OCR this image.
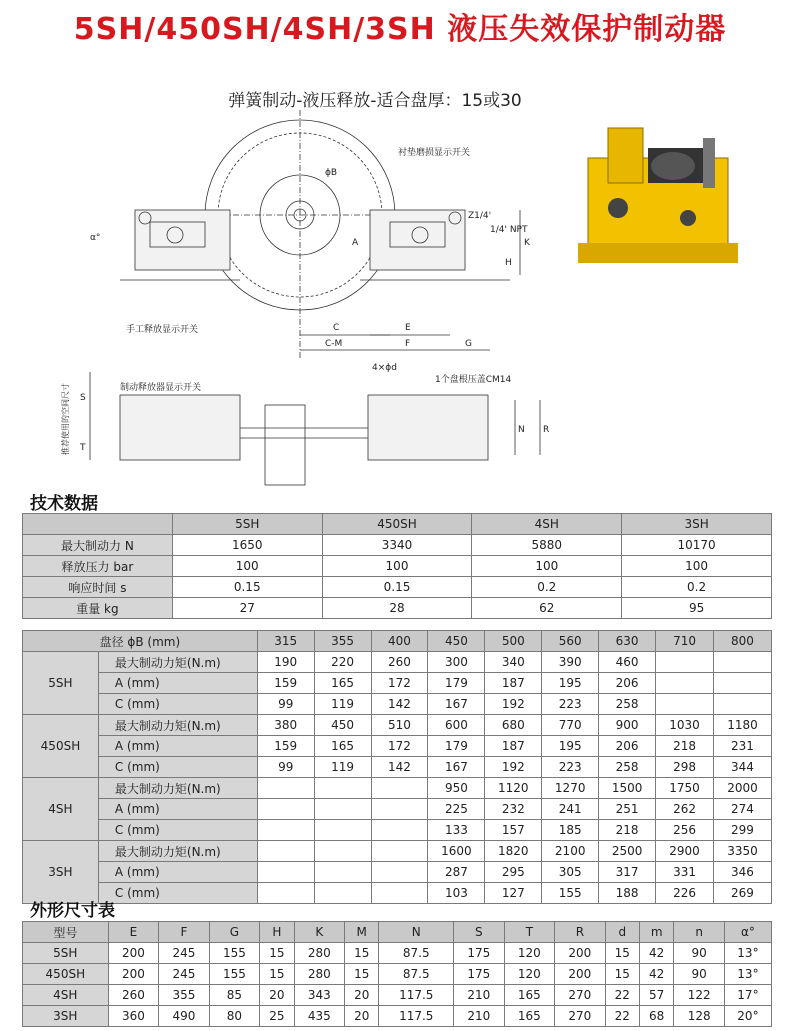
5SH/450SH/4SH/3SH 液压失效保护制动器
弹簧制动-液压释放-适合盘厚：15或30
衬垫磨损显示开关
手工释放显示开关
制动释放器显示开关
1个盘根压盖CM14
4×ϕd
Z1/4'
1/4' NPT
ϕB
A	K
H
C	E
C-M	F	G
S
T
N R
α°
推荐使用的空间尺寸
技术数据
	5SH	450SH	4SH	3SH
最大制动力 N	1650	3340	5880	10170
释放压力 bar	100	100	100	100
响应时间 s	0.15	0.15	0.2	0.2
重量 kg	27	28	62	95
盘径 ϕB (mm)		315	355	400	450	500	560	630	710	800
5SH	最大制动力矩(N.m)	190	220	260	300	340	390	460		
	A (mm)	159	165	172	179	187	195	206		
	C (mm)	99	119	142	167	192	223	258		
450SH	最大制动力矩(N.m)	380	450	510	600	680	770	900	1030	1180
	A (mm)	159	165	172	179	187	195	206	218	231
	C (mm)	99	119	142	167	192	223	258	298	344
4SH	最大制动力矩(N.m)				950	1120	1270	1500	1750	2000
	A (mm)				225	232	241	251	262	274
	C (mm)				133	157	185	218	256	299
3SH	最大制动力矩(N.m)				1600	1820	2100	2500	2900	3350
	A (mm)				287	295	305	317	331	346
	C (mm)				103	127	155	188	226	269
外形尺寸表
型号	E	F	G	H	K	M	N	S	T	R	d	m	n	α°
5SH	200	245	155	15	280	15	87.5	175	120	200	15	42	90	13°
450SH	200	245	155	15	280	15	87.5	175	120	200	15	42	90	13°
4SH	260	355	85	20	343	20	117.5	210	165	270	22	57	122	17°
3SH	360	490	80	25	435	20	117.5	210	165	270	22	68	128	20°
